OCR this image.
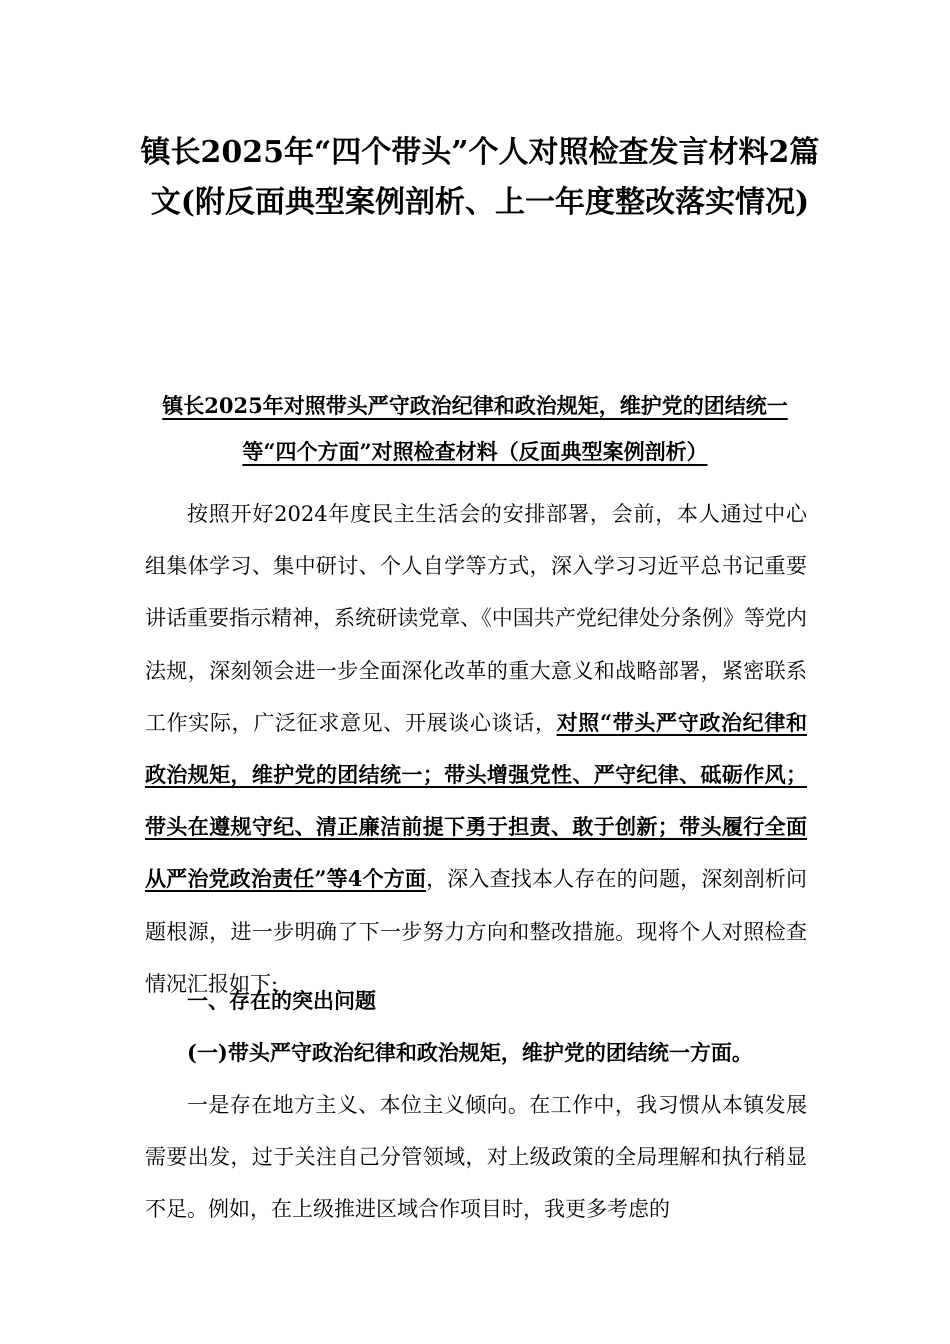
镇长2025年“四个带头”个人对照检查发言材料2篇文(附反面典型案例剖析、上一年度整改落实情况)
镇长2025年对照带头严守政治纪律和政治规矩，维护党的团结统一等“四个方面”对照检查材料（反面典型案例剖析）

按照开好2024年度民主生活会的安排部署，会前，本人通过中心组集体学习、集中研讨、个人自学等方式，深入学习习近平总书记重要讲话重要指示精神，系统研读党章、《中国共产党纪律处分条例》等党内法规，深刻领会进一步全面深化改革的重大意义和战略部署，紧密联系工作实际，广泛征求意见、开展谈心谈话，对照“带头严守政治纪律和政治规矩，维护党的团结统一；带头增强党性、严守纪律、砥砺作风；带头在遵规守纪、清正廉洁前提下勇于担责、敢于创新；带头履行全面从严治党政治责任”等4个方面，深入查找本人存在的问题，深刻剖析问题根源，进一步明确了下一步努力方向和整改措施。现将个人对照检查情况汇报如下:

一、存在的突出问题

(一)带头严守政治纪律和政治规矩，维护党的团结统一方面。

一是存在地方主义、本位主义倾向。在工作中，我习惯从本镇发展需要出发，过于关注自己分管领域，对上级政策的全局理解和执行稍显不足。例如，在上级推进区域合作项目时，我更多考虑的
